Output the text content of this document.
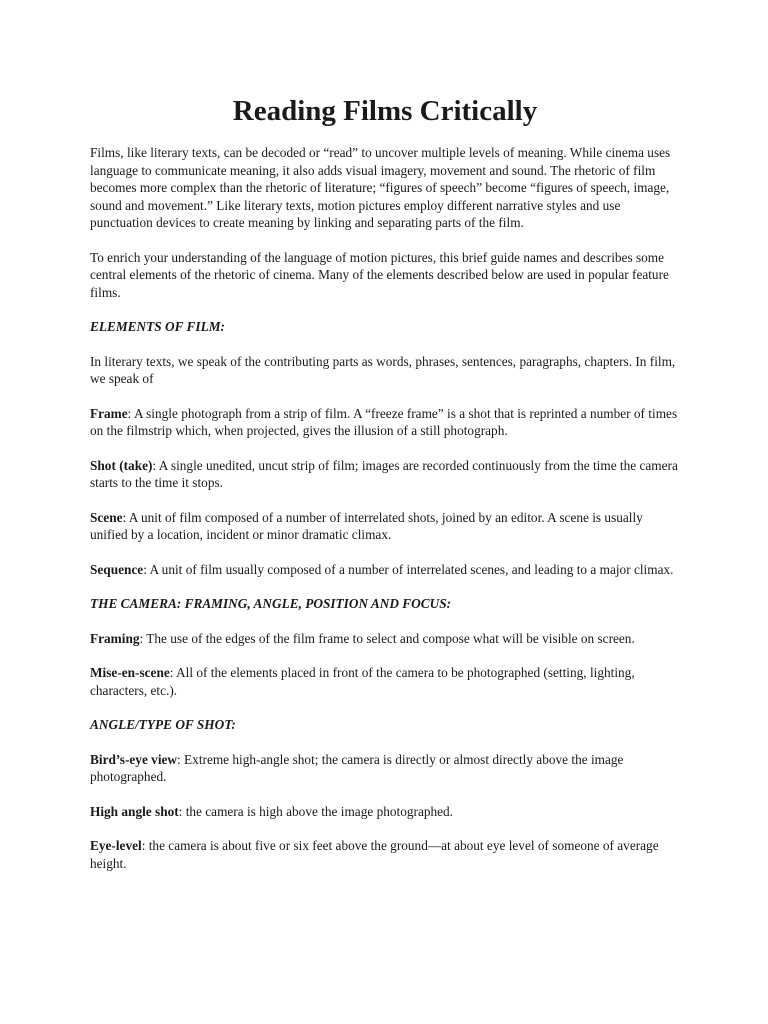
Reading Films Critically

Films, like literary texts, can be decoded or “read” to uncover multiple levels of meaning. While cinema uses language to communicate meaning, it also adds visual imagery, movement and sound. The rhetoric of film becomes more complex than the rhetoric of literature; “figures of speech” become “figures of speech, image, sound and movement.” Like literary texts, motion pictures employ different narrative styles and use punctuation devices to create meaning by linking and separating parts of the film.

To enrich your understanding of the language of motion pictures, this brief guide names and describes some central elements of the rhetoric of cinema. Many of the elements described below are used in popular feature films.

ELEMENTS OF FILM:

In literary texts, we speak of the contributing parts as words, phrases, sentences, paragraphs, chapters. In film, we speak of

Frame: A single photograph from a strip of film. A “freeze frame” is a shot that is reprinted a number of times on the filmstrip which, when projected, gives the illusion of a still photograph.

Shot (take): A single unedited, uncut strip of film; images are recorded continuously from the time the camera starts to the time it stops.

Scene: A unit of film composed of a number of interrelated shots, joined by an editor. A scene is usually unified by a location, incident or minor dramatic climax.

Sequence: A unit of film usually composed of a number of interrelated scenes, and leading to a major climax.

THE CAMERA: FRAMING, ANGLE, POSITION AND FOCUS:

Framing: The use of the edges of the film frame to select and compose what will be visible on screen.

Mise-en-scene: All of the elements placed in front of the camera to be photographed (setting, lighting, characters, etc.).

ANGLE/TYPE OF SHOT:

Bird’s-eye view: Extreme high-angle shot; the camera is directly or almost directly above the image photographed.

High angle shot: the camera is high above the image photographed.

Eye-level: the camera is about five or six feet above the ground—at about eye level of someone of average height.
